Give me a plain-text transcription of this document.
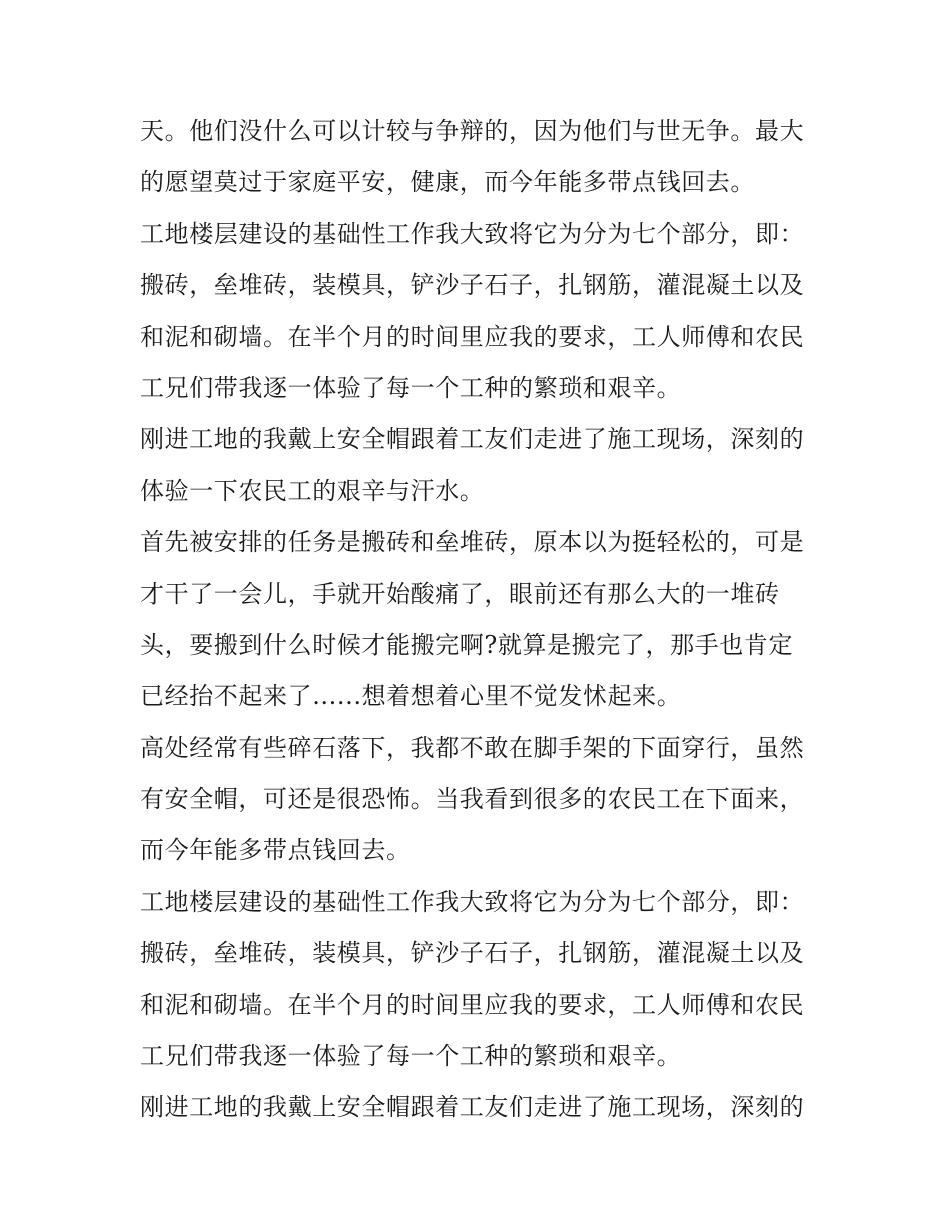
天。他们没什么可以计较与争辩的，因为他们与世无争。最大
的愿望莫过于家庭平安，健康，而今年能多带点钱回去。
工地楼层建设的基础性工作我大致将它为分为七个部分，即：
搬砖，垒堆砖，装模具，铲沙子石子，扎钢筋，灌混凝土以及
和泥和砌墙。在半个月的时间里应我的要求，工人师傅和农民
工兄们带我逐一体验了每一个工种的繁琐和艰辛。
刚进工地的我戴上安全帽跟着工友们走进了施工现场，深刻的
体验一下农民工的艰辛与汗水。
首先被安排的任务是搬砖和垒堆砖，原本以为挺轻松的，可是
才干了一会儿，手就开始酸痛了，眼前还有那么大的一堆砖
头，要搬到什么时候才能搬完啊?就算是搬完了，那手也肯定
已经抬不起来了......想着想着心里不觉发怵起来。
高处经常有些碎石落下，我都不敢在脚手架的下面穿行，虽然
有安全帽，可还是很恐怖。当我看到很多的农民工在下面来，
而今年能多带点钱回去。
工地楼层建设的基础性工作我大致将它为分为七个部分，即：
搬砖，垒堆砖，装模具，铲沙子石子，扎钢筋，灌混凝土以及
和泥和砌墙。在半个月的时间里应我的要求，工人师傅和农民
工兄们带我逐一体验了每一个工种的繁琐和艰辛。
刚进工地的我戴上安全帽跟着工友们走进了施工现场，深刻的
